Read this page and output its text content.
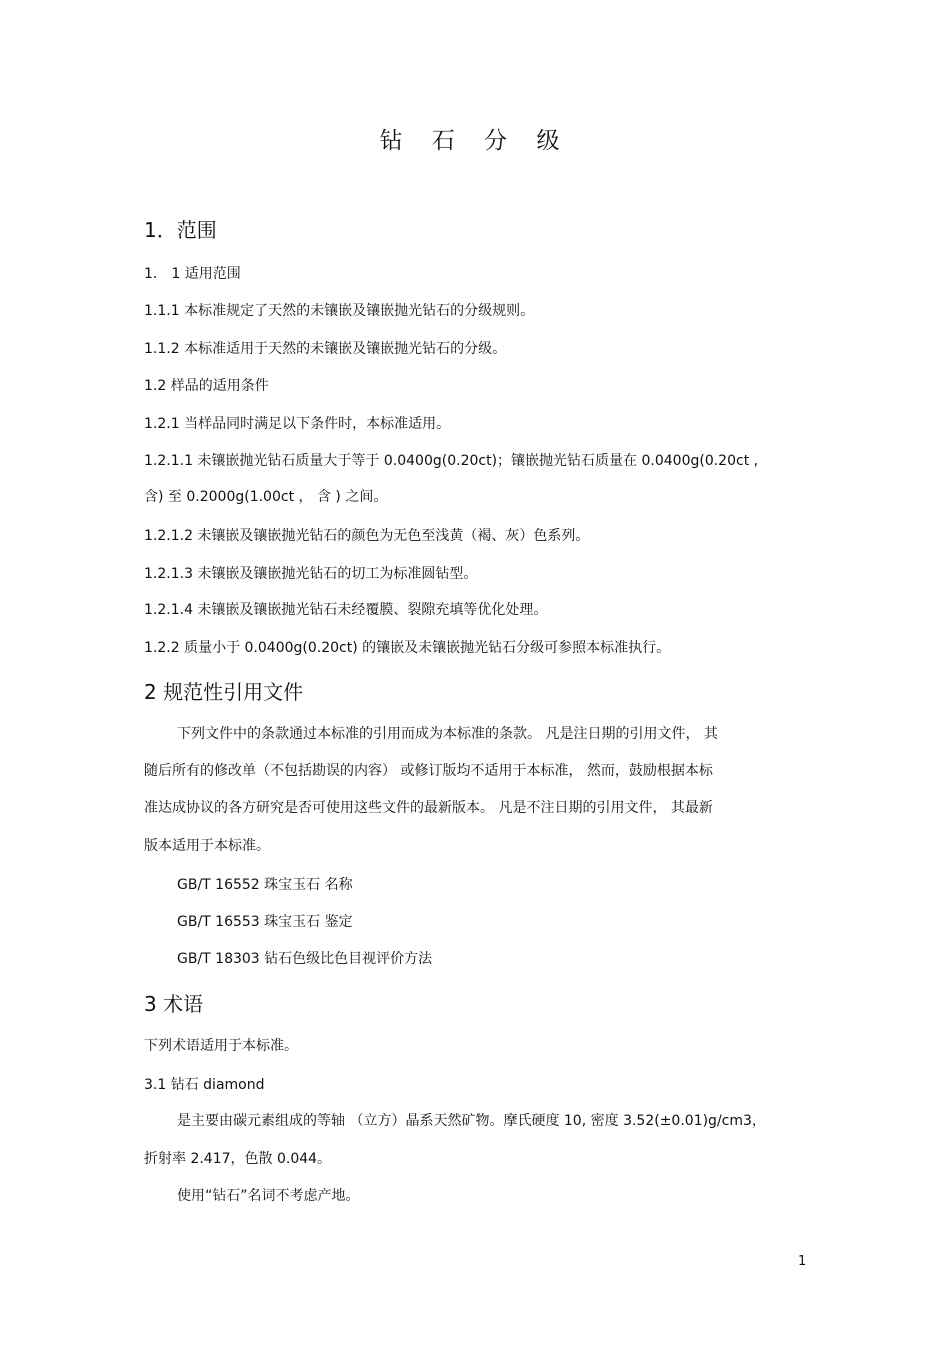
钻 石 分 级
1．范围
1． 1 适用范围
1.1.1 本标准规定了天然的未镶嵌及镶嵌抛光钻石的分级规则。
1.1.2 本标准适用于天然的未镶嵌及镶嵌抛光钻石的分级。
1.2 样品的适用条件
1.2.1 当样品同时满足以下条件时，本标准适用。
1.2.1.1 未镶嵌抛光钻石质量大于等于 0.0400g(0.20ct)；镶嵌抛光钻石质量在 0.0400g(0.20ct ,
含) 至 0.2000g(1.00ct ， 含 ) 之间。
1.2.1.2 未镶嵌及镶嵌抛光钻石的颜色为无色至浅黄（褐、灰）色系列。
1.2.1.3 未镶嵌及镶嵌抛光钻石的切工为标准圆钻型。
1.2.1.4 未镶嵌及镶嵌抛光钻石未经覆膜、裂隙充填等优化处理。
1.2.2 质量小于 0.0400g(0.20ct) 的镶嵌及未镶嵌抛光钻石分级可参照本标准执行。
2 规范性引用文件
下列文件中的条款通过本标准的引用而成为本标准的条款。 凡是注日期的引用文件， 其
随后所有的修改单（不包括勘误的内容） 或修订版均不适用于本标准， 然而，鼓励根据本标
准达成协议的各方研究是否可使用这些文件的最新版本。 凡是不注日期的引用文件， 其最新
版本适用于本标准。
GB/T 16552 珠宝玉石 名称
GB/T 16553 珠宝玉石 鉴定
GB/T 18303 钻石色级比色目视评价方法
3 术语
下列术语适用于本标准。
3.1 钻石 diamond
是主要由碳元素组成的等轴 （立方）晶系天然矿物。摩氏硬度 10, 密度 3.52(±0.01)g/cm3，
折射率 2.417，色散 0.044。
使用“钻石”名词不考虑产地。
1
